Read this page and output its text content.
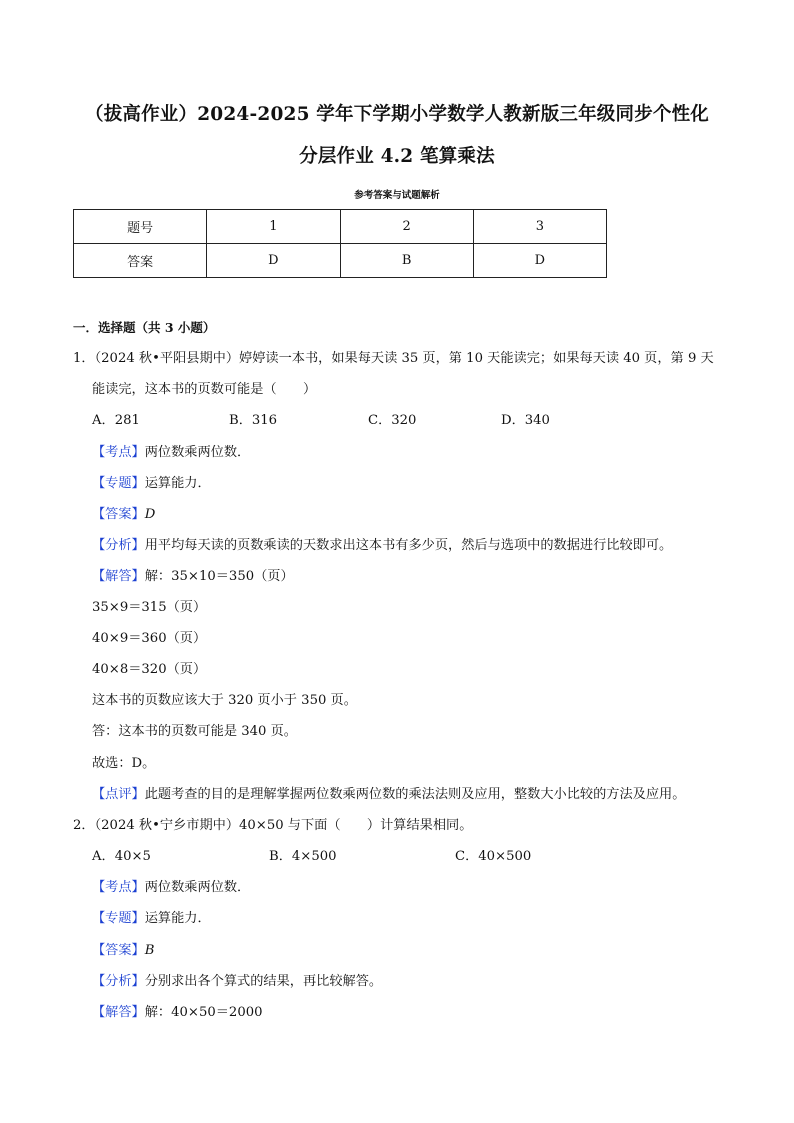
（拔高作业）2024-2025 学年下学期小学数学人教新版三年级同步个性化
分层作业 4.2 笔算乘法
参考答案与试题解析
题号	1	2	3
答案	D	B	D
一．选择题（共 3 小题）
1．（2024 秋•平阳县期中）婷婷读一本书，如果每天读 35 页，第 10 天能读完；如果每天读 40 页，第 9 天
能读完，这本书的页数可能是（　　）
A．281	B．316	C．320	D．340
【考点】两位数乘两位数．
【专题】运算能力．
【答案】D
【分析】用平均每天读的页数乘读的天数求出这本书有多少页，然后与选项中的数据进行比较即可。
【解答】解：35×10＝350（页）
35×9＝315（页）
40×9＝360（页）
40×8＝320（页）
这本书的页数应该大于 320 页小于 350 页。
答：这本书的页数可能是 340 页。
故选：D。
【点评】此题考查的目的是理解掌握两位数乘两位数的乘法法则及应用，整数大小比较的方法及应用。
2．（2024 秋•宁乡市期中）40×50 与下面（　　）计算结果相同。
A．40×5	B．4×500	C．40×500
【考点】两位数乘两位数．
【专题】运算能力．
【答案】B
【分析】分别求出各个算式的结果，再比较解答。
【解答】解：40×50＝2000
